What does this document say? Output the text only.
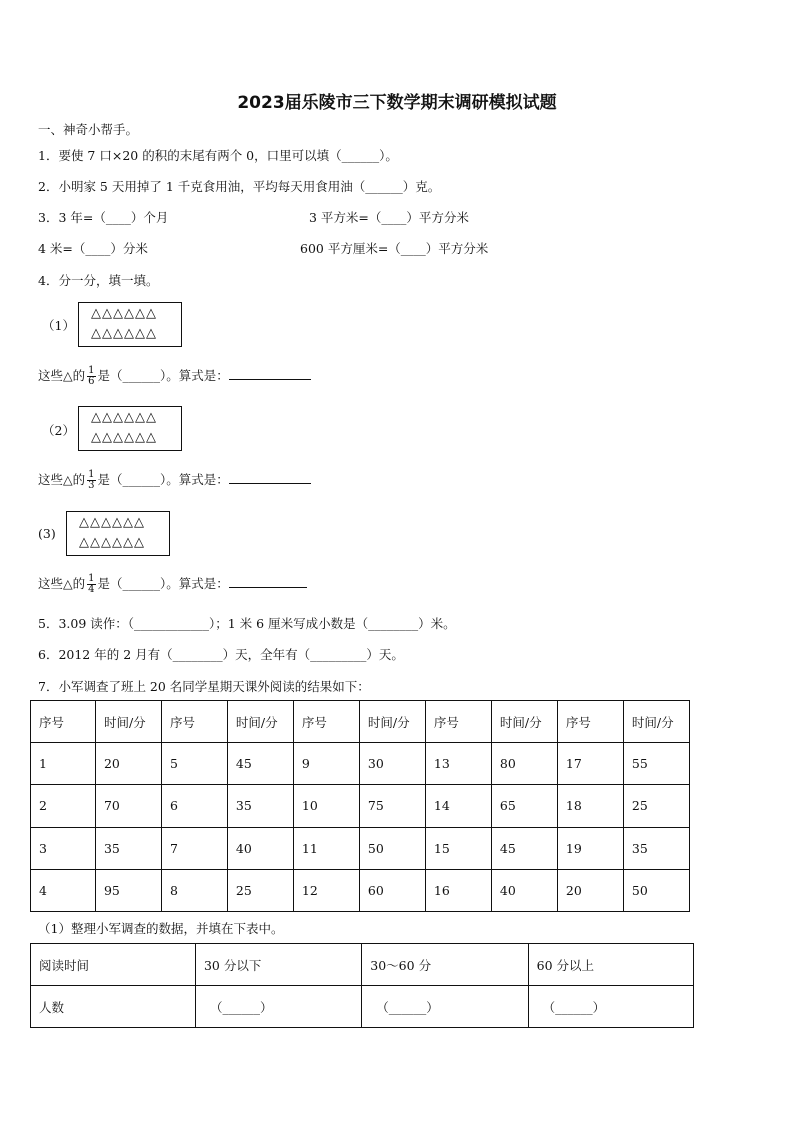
2023届乐陵市三下数学期末调研模拟试题
一、神奇小帮手。
1．要使 7 口×20 的积的末尾有两个 0，口里可以填（______）。
2．小明家 5 天用掉了 1 千克食用油，平均每天用食用油（______）克。
3．3 年=（____）个月	3 平方米=（____）平方分米
4 米=（____）分米	600 平方厘米=（____）平方分米
4．分一分，填一填。
（1）
△△△△△△
△△△△△△
这些△的 $\frac{1}{6}$ 是（______）。算式是：
（2）
△△△△△△
△△△△△△
这些△的 $\frac{1}{3}$ 是（______）。算式是：
(3)
△△△△△△
△△△△△△
这些△的 $\frac{1}{4}$ 是（______）。算式是：
5．3.09 读作：（____________）；1 米 6 厘米写成小数是（________）米。
6．2012 年的 2 月有（________）天，全年有（_________）天。
7．小军调查了班上 20 名同学星期天课外阅读的结果如下：
序号	时间/分	序号	时间/分	序号	时间/分	序号	时间/分	序号	时间/分
1	20	5	45	9	30	13	80	17	55
2	70	6	35	10	75	14	65	18	25
3	35	7	40	11	50	15	45	19	35
4	95	8	25	12	60	16	40	20	50
（1）整理小军调查的数据，并填在下表中。
阅读时间	30 分以下	30～60 分	60 分以上
人数	（______）	（______）	（______）
